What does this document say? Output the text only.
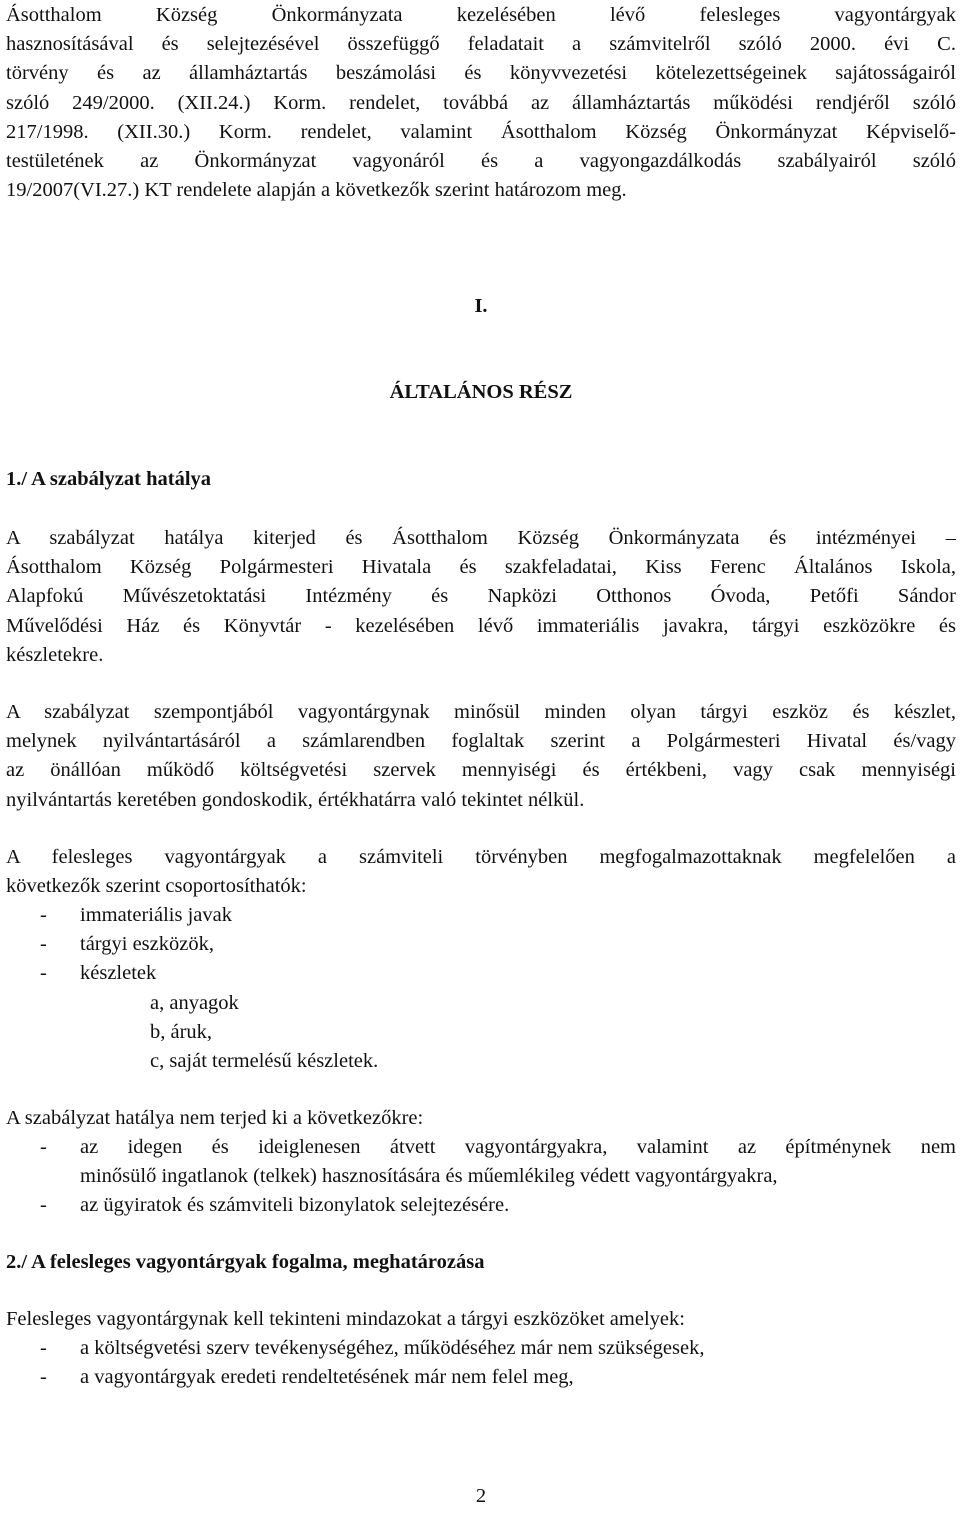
Ásotthalom Község Önkormányzata kezelésében lévő felesleges vagyontárgyak
hasznosításával és selejtezésével összefüggő feladatait a számvitelről szóló 2000. évi C.
törvény és az államháztartás beszámolási és könyvvezetési kötelezettségeinek sajátosságairól
szóló 249/2000. (XII.24.) Korm. rendelet, továbbá az államháztartás működési rendjéről szóló
217/1998. (XII.30.) Korm. rendelet, valamint Ásotthalom Község Önkormányzat Képviselő-
testületének az Önkormányzat vagyonáról és a vagyongazdálkodás szabályairól szóló
19/2007(VI.27.) KT rendelete alapján a következők szerint határozom meg.
I.
ÁLTALÁNOS RÉSZ
1./ A szabályzat hatálya
A szabályzat hatálya kiterjed és Ásotthalom Község Önkormányzata és intézményei –
Ásotthalom Község Polgármesteri Hivatala és szakfeladatai, Kiss Ferenc Általános Iskola,
Alapfokú Művészetoktatási Intézmény és Napközi Otthonos Óvoda, Petőfi Sándor
Művelődési Ház és Könyvtár - kezelésében lévő immateriális javakra, tárgyi eszközökre és
készletekre.
A szabályzat szempontjából vagyontárgynak minősül minden olyan tárgyi eszköz és készlet,
melynek nyilvántartásáról a számlarendben foglaltak szerint a Polgármesteri Hivatal és/vagy
az önállóan működő költségvetési szervek mennyiségi és értékbeni, vagy csak mennyiségi
nyilvántartás keretében gondoskodik, értékhatárra való tekintet nélkül.
A felesleges vagyontárgyak a számviteli törvényben megfogalmazottaknak megfelelően a
következők szerint csoportosíthatók:
- immateriális javak
- tárgyi eszközök,
- készletek
a, anyagok
b, áruk,
c, saját termelésű készletek.
A szabályzat hatálya nem terjed ki a következőkre:
- az idegen és ideiglenesen átvett vagyontárgyakra, valamint az építménynek nem
minősülő ingatlanok (telkek) hasznosítására és műemlékileg védett vagyontárgyakra,
- az ügyiratok és számviteli bizonylatok selejtezésére.
2./ A felesleges vagyontárgyak fogalma, meghatározása
Felesleges vagyontárgynak kell tekinteni mindazokat a tárgyi eszközöket amelyek:
- a költségvetési szerv tevékenységéhez, működéséhez már nem szükségesek,
- a vagyontárgyak eredeti rendeltetésének már nem felel meg,
2
